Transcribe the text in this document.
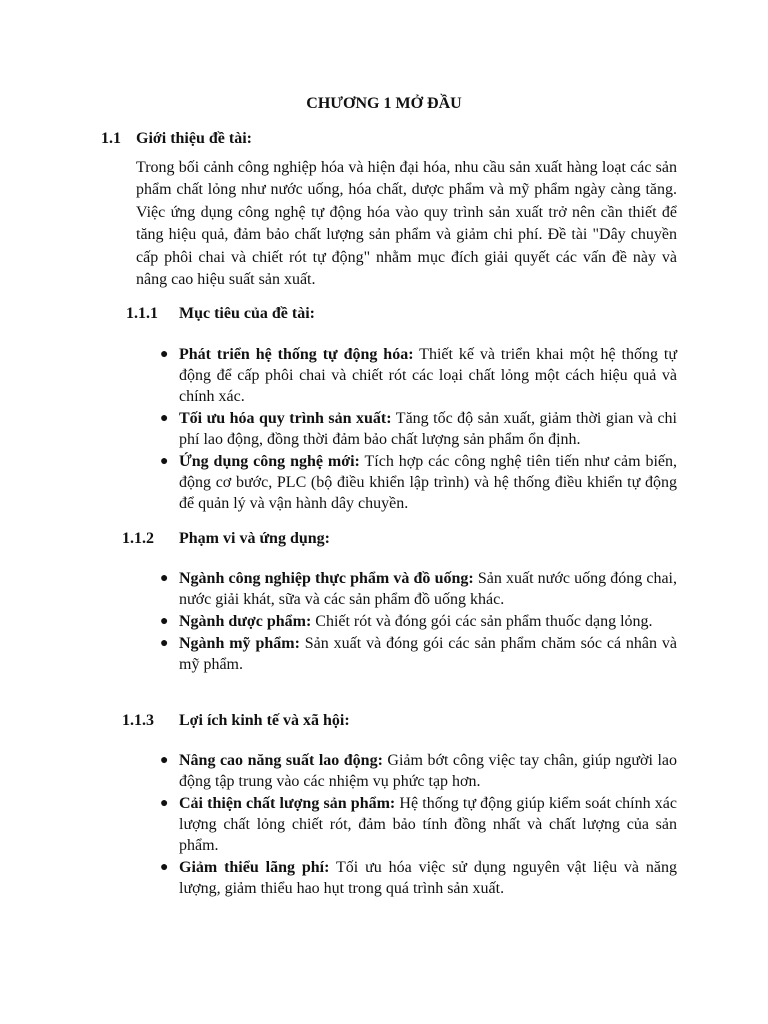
CHƯƠNG 1 MỞ ĐẦU
1.1 Giới thiệu đề tài:

Trong bối cảnh công nghiệp hóa và hiện đại hóa, nhu cầu sản xuất hàng loạt các sản phẩm chất lỏng như nước uống, hóa chất, dược phẩm và mỹ phẩm ngày càng tăng. Việc ứng dụng công nghệ tự động hóa vào quy trình sản xuất trở nên cần thiết để tăng hiệu quả, đảm bảo chất lượng sản phẩm và giảm chi phí. Đề tài "Dây chuyền cấp phôi chai và chiết rót tự động" nhằm mục đích giải quyết các vấn đề này và nâng cao hiệu suất sản xuất.

1.1.1 Mục tiêu của đề tài:
● Phát triển hệ thống tự động hóa: Thiết kế và triển khai một hệ thống tự động để cấp phôi chai và chiết rót các loại chất lỏng một cách hiệu quả và chính xác.
● Tối ưu hóa quy trình sản xuất: Tăng tốc độ sản xuất, giảm thời gian và chi phí lao động, đồng thời đảm bảo chất lượng sản phẩm ổn định.
● Ứng dụng công nghệ mới: Tích hợp các công nghệ tiên tiến như cảm biến, động cơ bước, PLC (bộ điều khiển lập trình) và hệ thống điều khiển tự động để quản lý và vận hành dây chuyền.
1.1.2 Phạm vi và ứng dụng:
● Ngành công nghiệp thực phẩm và đồ uống: Sản xuất nước uống đóng chai, nước giải khát, sữa và các sản phẩm đồ uống khác.
● Ngành dược phẩm: Chiết rót và đóng gói các sản phẩm thuốc dạng lỏng.
● Ngành mỹ phẩm: Sản xuất và đóng gói các sản phẩm chăm sóc cá nhân và mỹ phẩm.
1.1.3 Lợi ích kinh tế và xã hội:
● Nâng cao năng suất lao động: Giảm bớt công việc tay chân, giúp người lao động tập trung vào các nhiệm vụ phức tạp hơn.
● Cải thiện chất lượng sản phẩm: Hệ thống tự động giúp kiểm soát chính xác lượng chất lỏng chiết rót, đảm bảo tính đồng nhất và chất lượng của sản phẩm.
● Giảm thiểu lãng phí: Tối ưu hóa việc sử dụng nguyên vật liệu và năng lượng, giảm thiểu hao hụt trong quá trình sản xuất.
